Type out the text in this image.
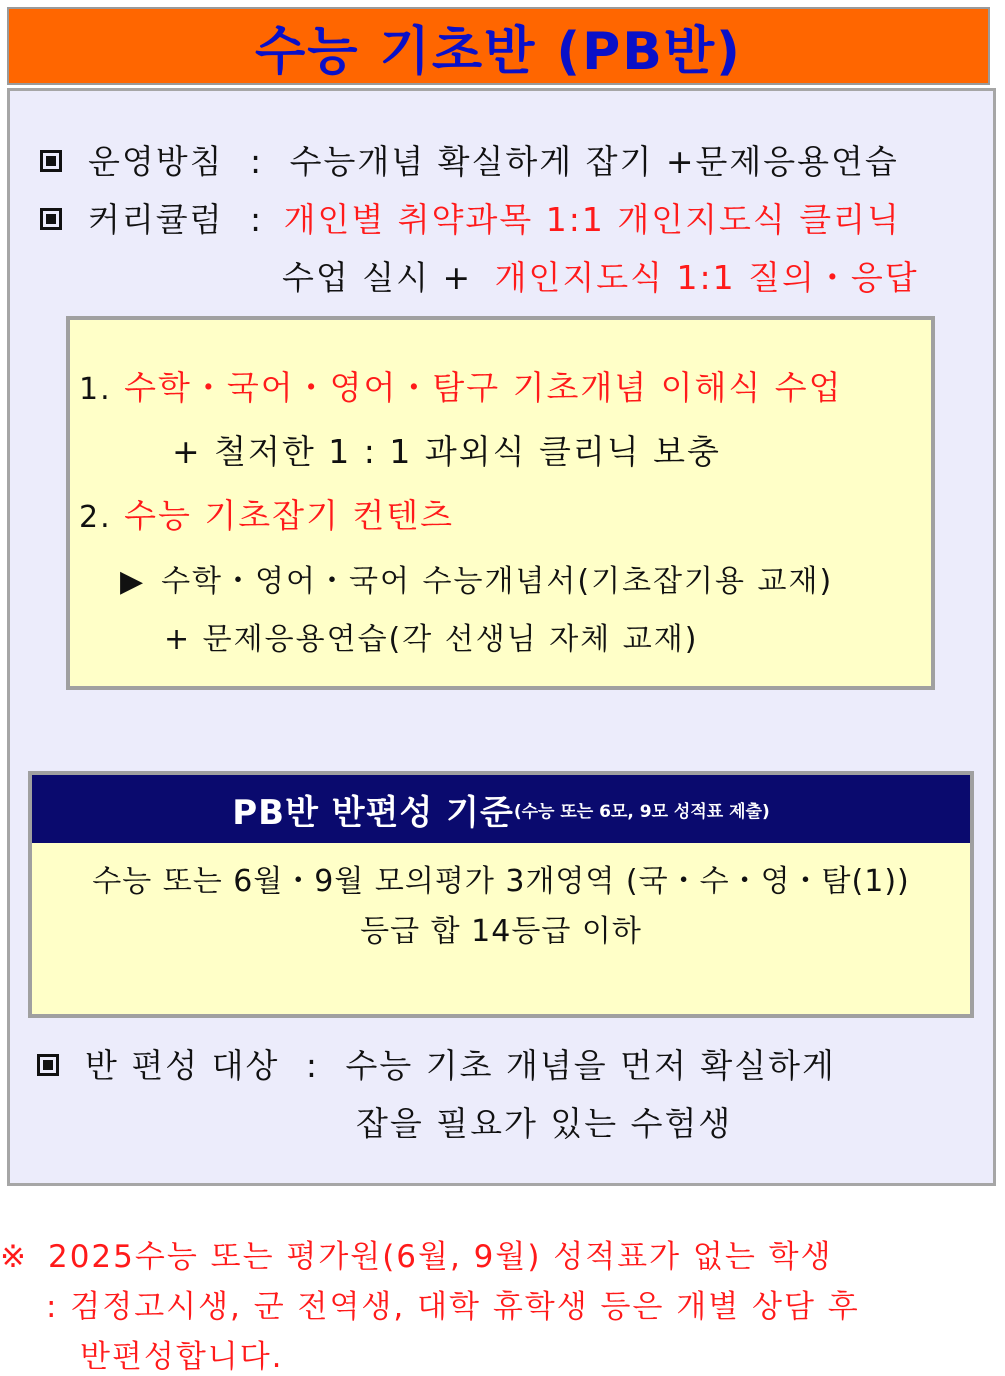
수능 기초반 (PB반)
운영방침 : 수능개념 확실하게 잡기 +문제응용연습
커리큘럼 : 개인별 취약과목 1:1 개인지도식 클리닉
수업 실시 + 개인지도식 1:1 질의・응답
1. 수학・국어・영어・탐구 기초개념 이해식 수업
+ 철저한 1 : 1 과외식 클리닉 보충
2. 수능 기초잡기 컨텐츠
▶ 수학・영어・국어 수능개념서(기초잡기용 교재)
+ 문제응용연습(각 선생님 자체 교재)
PB반 반편성 기준 (수능 또는 6모, 9모 성적표 제출)
수능 또는 6월・9월 모의평가 3개영역 (국・수・영・탐(1))
등급 합 14등급 이하
반 편성 대상 : 수능 기초 개념을 먼저 확실하게
잡을 필요가 있는 수험생
※ 2025수능 또는 평가원(6월, 9월) 성적표가 없는 학생
: 검정고시생, 군 전역생, 대학 휴학생 등은 개별 상담 후
반편성합니다.
